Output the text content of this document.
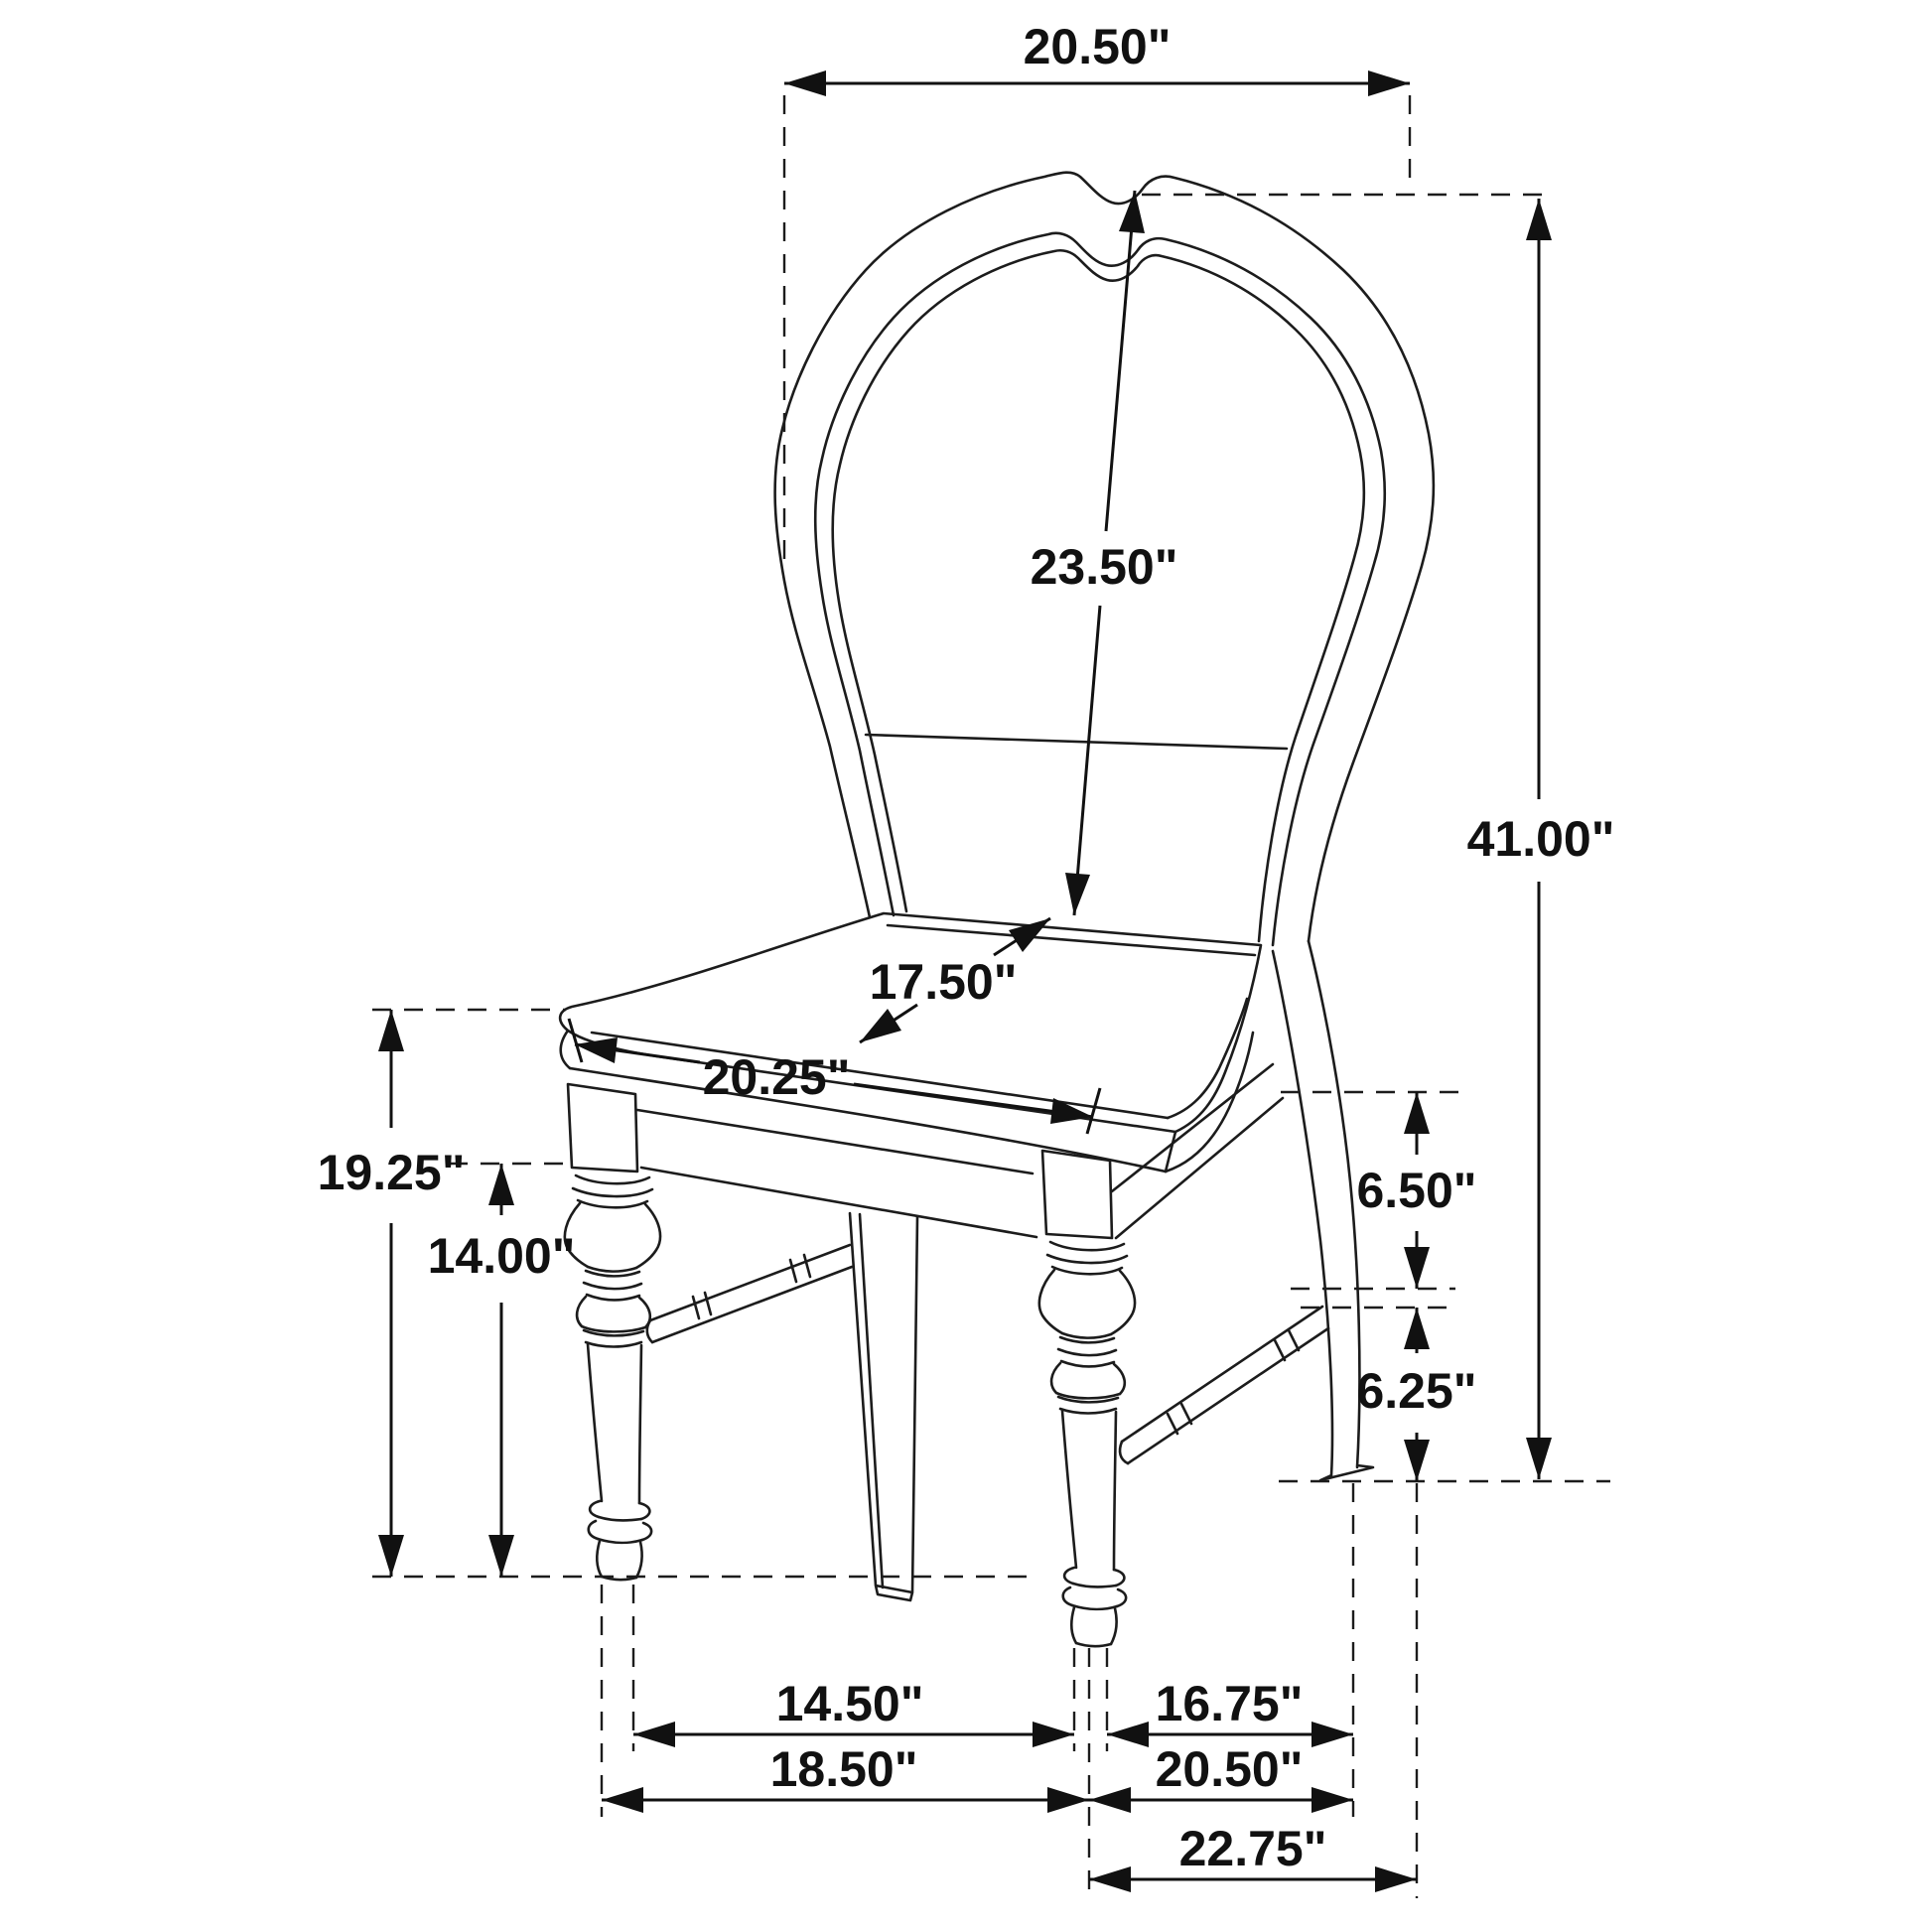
20.50"
41.00"
23.50"
17.50"
20.25"
19.25"
14.00"
6.50"
6.25"
14.50"	16.75"
18.50"	20.50"
22.75"
